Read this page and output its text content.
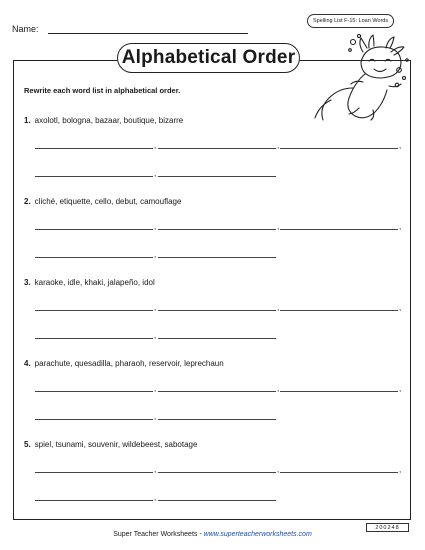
Name:
Spelling List F-15: Loan Words
Alphabetical Order
Rewrite each word list in alphabetical order.
1. axolotl, bologna, bazaar, boutique, bizarre
,	,	,
,
2. cliché, etiquette, cello, debut, camouflage
,	,	,
,
3. karaoke, idle, khaki, jalapeño, idol
,	,	,
,
4. parachute, quesadilla, pharaoh, reservoir, leprechaun
,	,	,
,
5. spiel, tsunami, souvenir, wildebeest, sabotage
,	,	,
,
Super Teacher Worksheets - www.superteacherworksheets.com
200248
